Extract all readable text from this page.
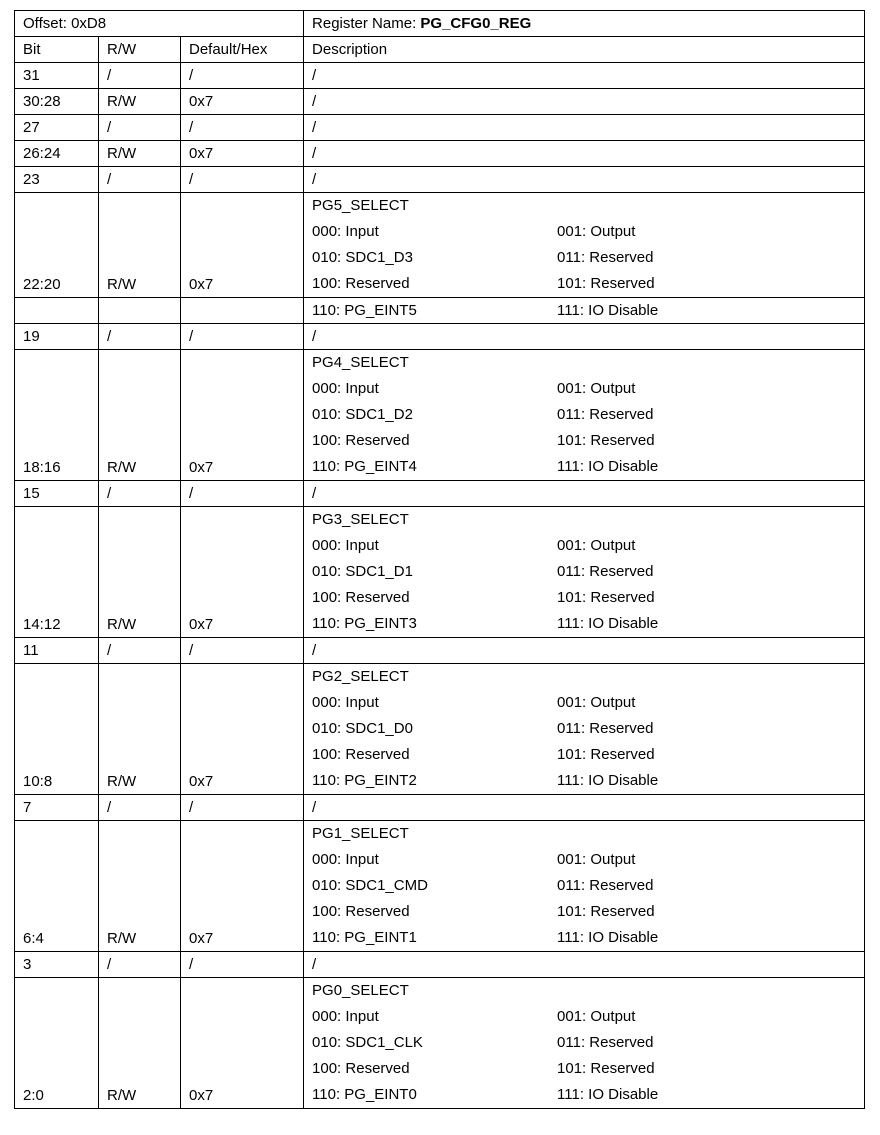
Offset: 0xD8			Register Name: PG_CFG0_REG
Bit	R/W	Default/Hex	Description
31	/	/	/
30:28	R/W	0x7	/
27	/	/	/
26:24	R/W	0x7	/
23	/	/	/
22:20	R/W	0x7	PG5_SELECT
000: Input 001: Output
010: SDC1_D3 011: Reserved
100: Reserved 101: Reserved

			110: PG_EINT5 111: IO Disable
19	/	/	/
18:16	R/W	0x7	PG4_SELECT
000: Input 001: Output
010: SDC1_D2 011: Reserved
100: Reserved 101: Reserved
110: PG_EINT4 111: IO Disable

15	/	/	/
14:12	R/W	0x7	PG3_SELECT
000: Input 001: Output
010: SDC1_D1 011: Reserved
100: Reserved 101: Reserved
110: PG_EINT3 111: IO Disable

11	/	/	/
10:8	R/W	0x7	PG2_SELECT
000: Input 001: Output
010: SDC1_D0 011: Reserved
100: Reserved 101: Reserved
110: PG_EINT2 111: IO Disable

7	/	/	/
6:4	R/W	0x7	PG1_SELECT
000: Input 001: Output
010: SDC1_CMD 011: Reserved
100: Reserved 101: Reserved
110: PG_EINT1 111: IO Disable

3	/	/	/
2:0	R/W	0x7	PG0_SELECT
000: Input 001: Output
010: SDC1_CLK 011: Reserved
100: Reserved 101: Reserved
110: PG_EINT0 111: IO Disable
